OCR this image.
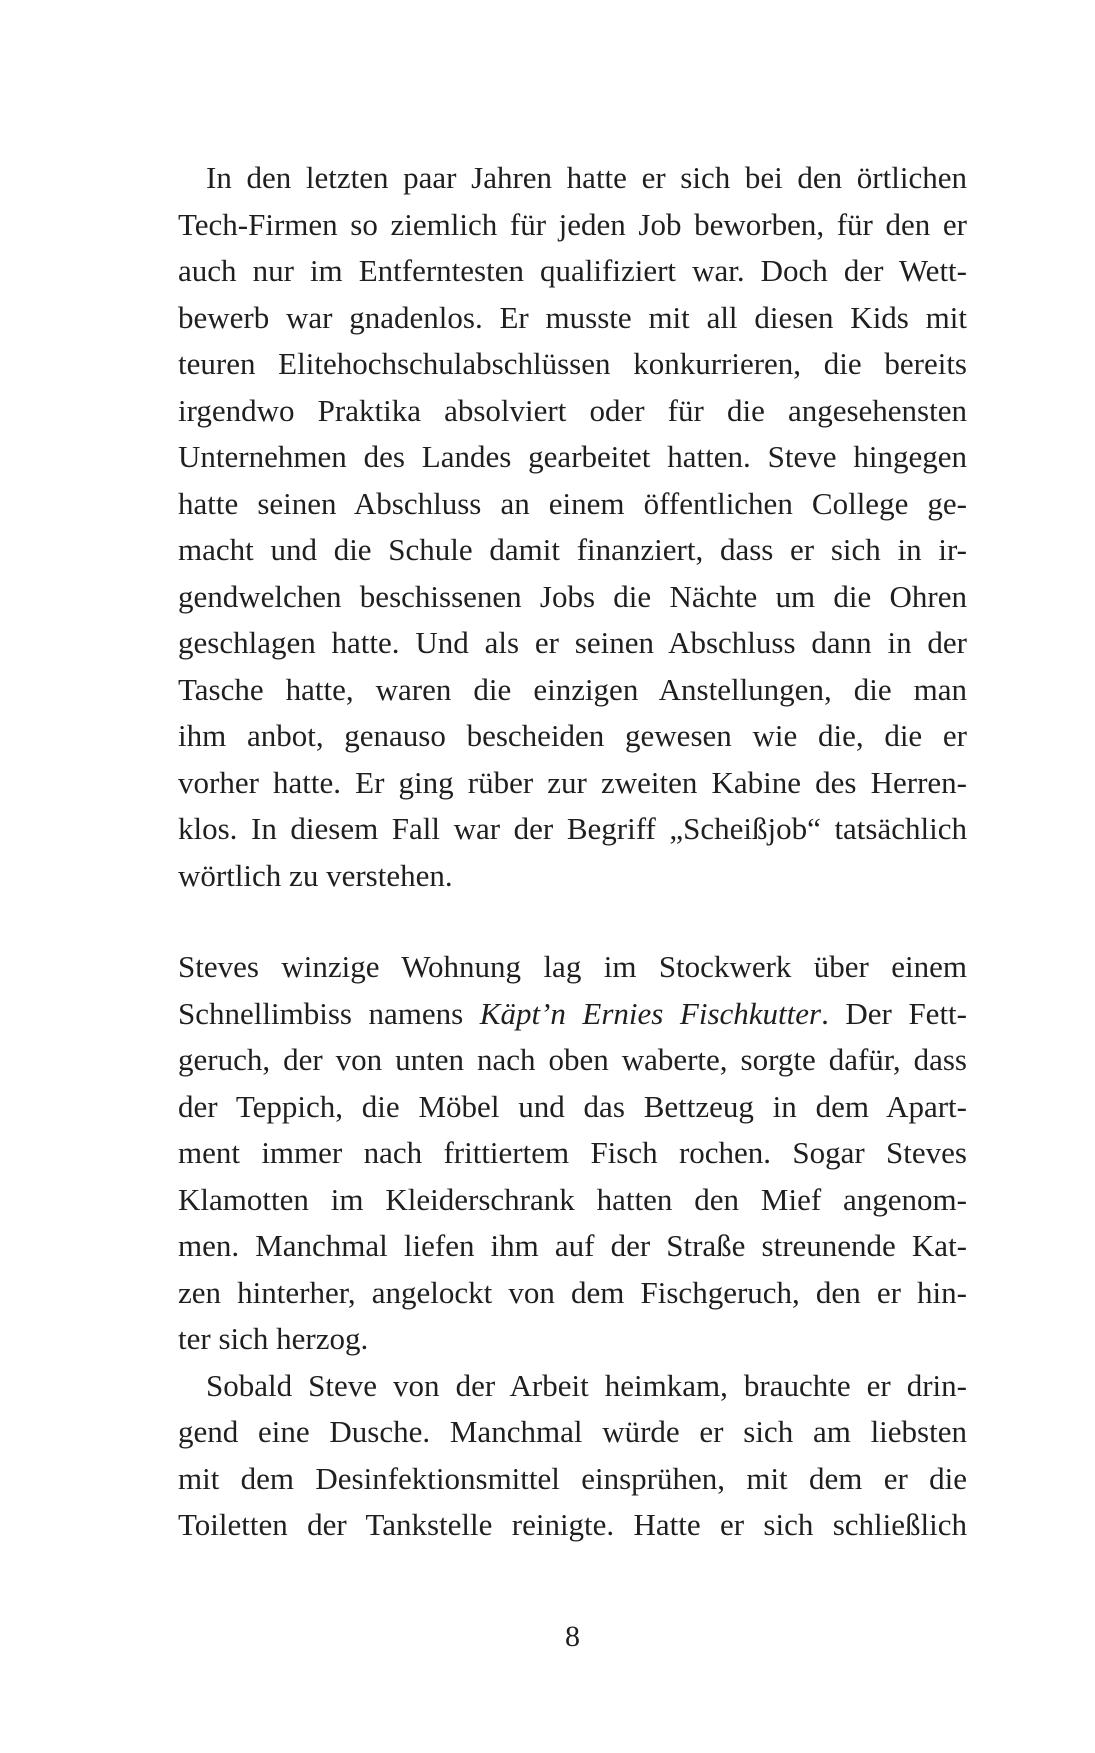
In den letzten paar Jahren hatte er sich bei den örtlichen
Tech-Firmen so ziemlich für jeden Job beworben, für den er
auch nur im Entferntesten qualifiziert war. Doch der Wett-
bewerb war gnadenlos. Er musste mit all diesen Kids mit
teuren Elitehochschulabschlüssen konkurrieren, die bereits
irgendwo Praktika absolviert oder für die angesehensten
Unternehmen des Landes gearbeitet hatten. Steve hingegen
hatte seinen Abschluss an einem öffentlichen College ge-
macht und die Schule damit finanziert, dass er sich in ir-
gendwelchen beschissenen Jobs die Nächte um die Ohren
geschlagen hatte. Und als er seinen Abschluss dann in der
Tasche hatte, waren die einzigen Anstellungen, die man
ihm anbot, genauso bescheiden gewesen wie die, die er
vorher hatte. Er ging rüber zur zweiten Kabine des Herren-
klos. In diesem Fall war der Begriff „Scheißjob“ tatsächlich
wörtlich zu verstehen.
Steves winzige Wohnung lag im Stockwerk über einem
Schnellimbiss namens Käpt’n Ernies Fischkutter. Der Fett-
geruch, der von unten nach oben waberte, sorgte dafür, dass
der Teppich, die Möbel und das Bettzeug in dem Apart-
ment immer nach frittiertem Fisch rochen. Sogar Steves
Klamotten im Kleiderschrank hatten den Mief angenom-
men. Manchmal liefen ihm auf der Straße streunende Kat-
zen hinterher, angelockt von dem Fischgeruch, den er hin-
ter sich herzog.
Sobald Steve von der Arbeit heimkam, brauchte er drin-
gend eine Dusche. Manchmal würde er sich am liebsten
mit dem Desinfektionsmittel einsprühen, mit dem er die
Toiletten der Tankstelle reinigte. Hatte er sich schließlich
8
